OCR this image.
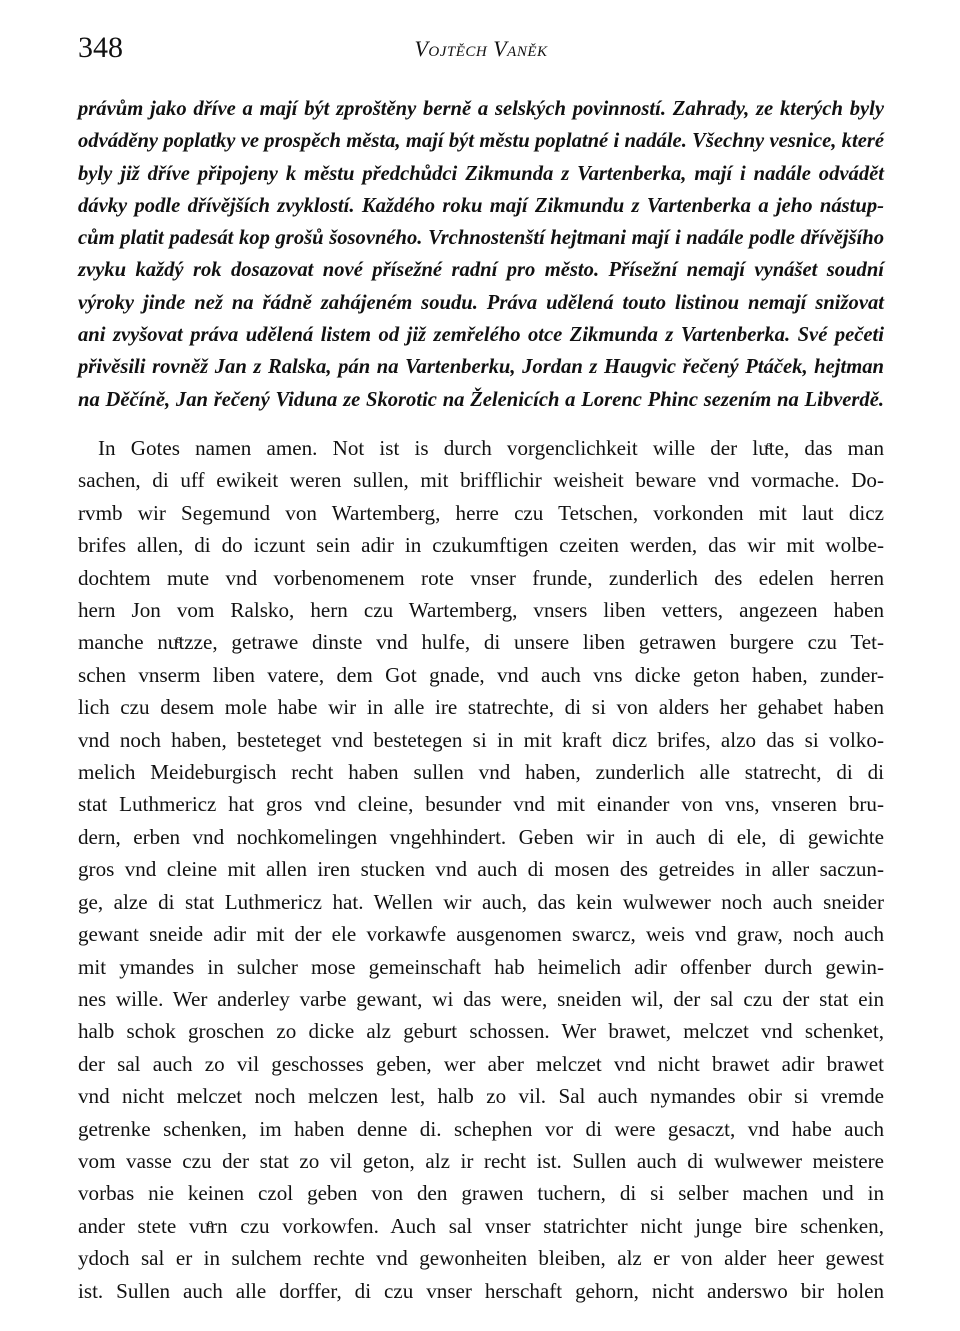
348	Vojtěch Vaněk
právům jako dříve a mají být zproštěny berně a selských povinností. Zahrady, ze kterých byly
odváděny poplatky ve prospěch města, mají být městu poplatné i nadále. Všechny vesnice, které
byly již dříve připojeny k městu předchůdci Zikmunda z Vartenberka, mají i nadále odvádět
dávky podle dřívějších zvyklostí. Každého roku mají Zikmundu z Vartenberka a jeho nástup-
cům platit padesát kop grošů šosovného. Vrchnostenští hejtmani mají i nadále podle dřívějšího
zvyku každý rok dosazovat nové přísežné radní pro město. Přísežní nemají vynášet soudní
výroky jinde než na řádně zahájeném soudu. Práva udělená touto listinou nemají snižovat
ani zvyšovat práva udělená listem od již zemřelého otce Zikmunda z Vartenberka. Své pečeti
přivěsili rovněž Jan z Ralska, pán na Vartenberku, Jordan z Haugvic řečený Ptáček, hejtman
na Děčíně, Jan řečený Viduna ze Skorotic na Želenicích a Lorenc Phinc sezením na Libverdě.
In Gotes namen amen. Not ist is durch vorgenclichkeit wille der luͤte, das man
sachen, di uff ewikeit weren sullen, mit brifflichir weisheit beware vnd vormache. Do-
rvmb wir Segemund von Wartemberg, herre czu Tetschen, vorkonden mit laut dicz
brifes allen, di do iczunt sein adir in czukumftigen czeiten werden, das wir mit wolbe-
dochtem mute vnd vorbenomenem rote vnser frunde, zunderlich des edelen herren
hern Jon vom Ralsko, hern czu Wartemberg, vnsers liben vetters, angezeen haben
manche nuͤtzze, getrawe dinste vnd hulfe, di unsere liben getrawen burgere czu Tet-
schen vnserm liben vatere, dem Got gnade, vnd auch vns dicke geton haben, zunder-
lich czu desem mole habe wir in alle ire statrechte, di si von alders her gehabet haben
vnd noch haben, besteteget vnd bestetegen si in mit kraft dicz brifes, alzo das si volko-
melich Meideburgisch recht haben sullen vnd haben, zunderlich alle statrecht, di di
stat Luthmericz hat gros vnd cleine, besunder vnd mit einander von vns, vnseren bru-
dern, erben vnd nochkomelingen vngehhindert. Geben wir in auch di ele, di gewichte
gros vnd cleine mit allen iren stucken vnd auch di mosen des getreides in aller saczun-
ge, alze di stat Luthmericz hat. Wellen wir auch, das kein wulwewer noch auch sneider
gewant sneide adir mit der ele vorkawfe ausgenomen swarcz, weis vnd graw, noch auch
mit ymandes in sulcher mose gemeinschaft hab heimelich adir offenber durch gewin-
nes wille. Wer anderley varbe gewant, wi das were, sneiden wil, der sal czu der stat ein
halb schok groschen zo dicke alz geburt schossen. Wer brawet, melczet vnd schenket,
der sal auch zo vil geschosses geben, wer aber melczet vnd nicht brawet adir brawet
vnd nicht melczet noch melczen lest, halb zo vil. Sal auch nymandes obir si vremde
getrenke schenken, im haben denne di. schephen vor di were gesaczt, vnd habe auch
vom vasse czu der stat zo vil geton, alz ir recht ist. Sullen auch di wulwewer meistere
vorbas nie keinen czol geben von den grawen tuchern, di si selber machen und in
ander stete vuͤrn czu vorkowfen. Auch sal vnser statrichter nicht junge bire schenken,
ydoch sal er in sulchem rechte vnd gewonheiten bleiben, alz er von alder heer gewest
ist. Sullen auch alle dorffer, di czu vnser herschaft gehorn, nicht anderswo bir holen
